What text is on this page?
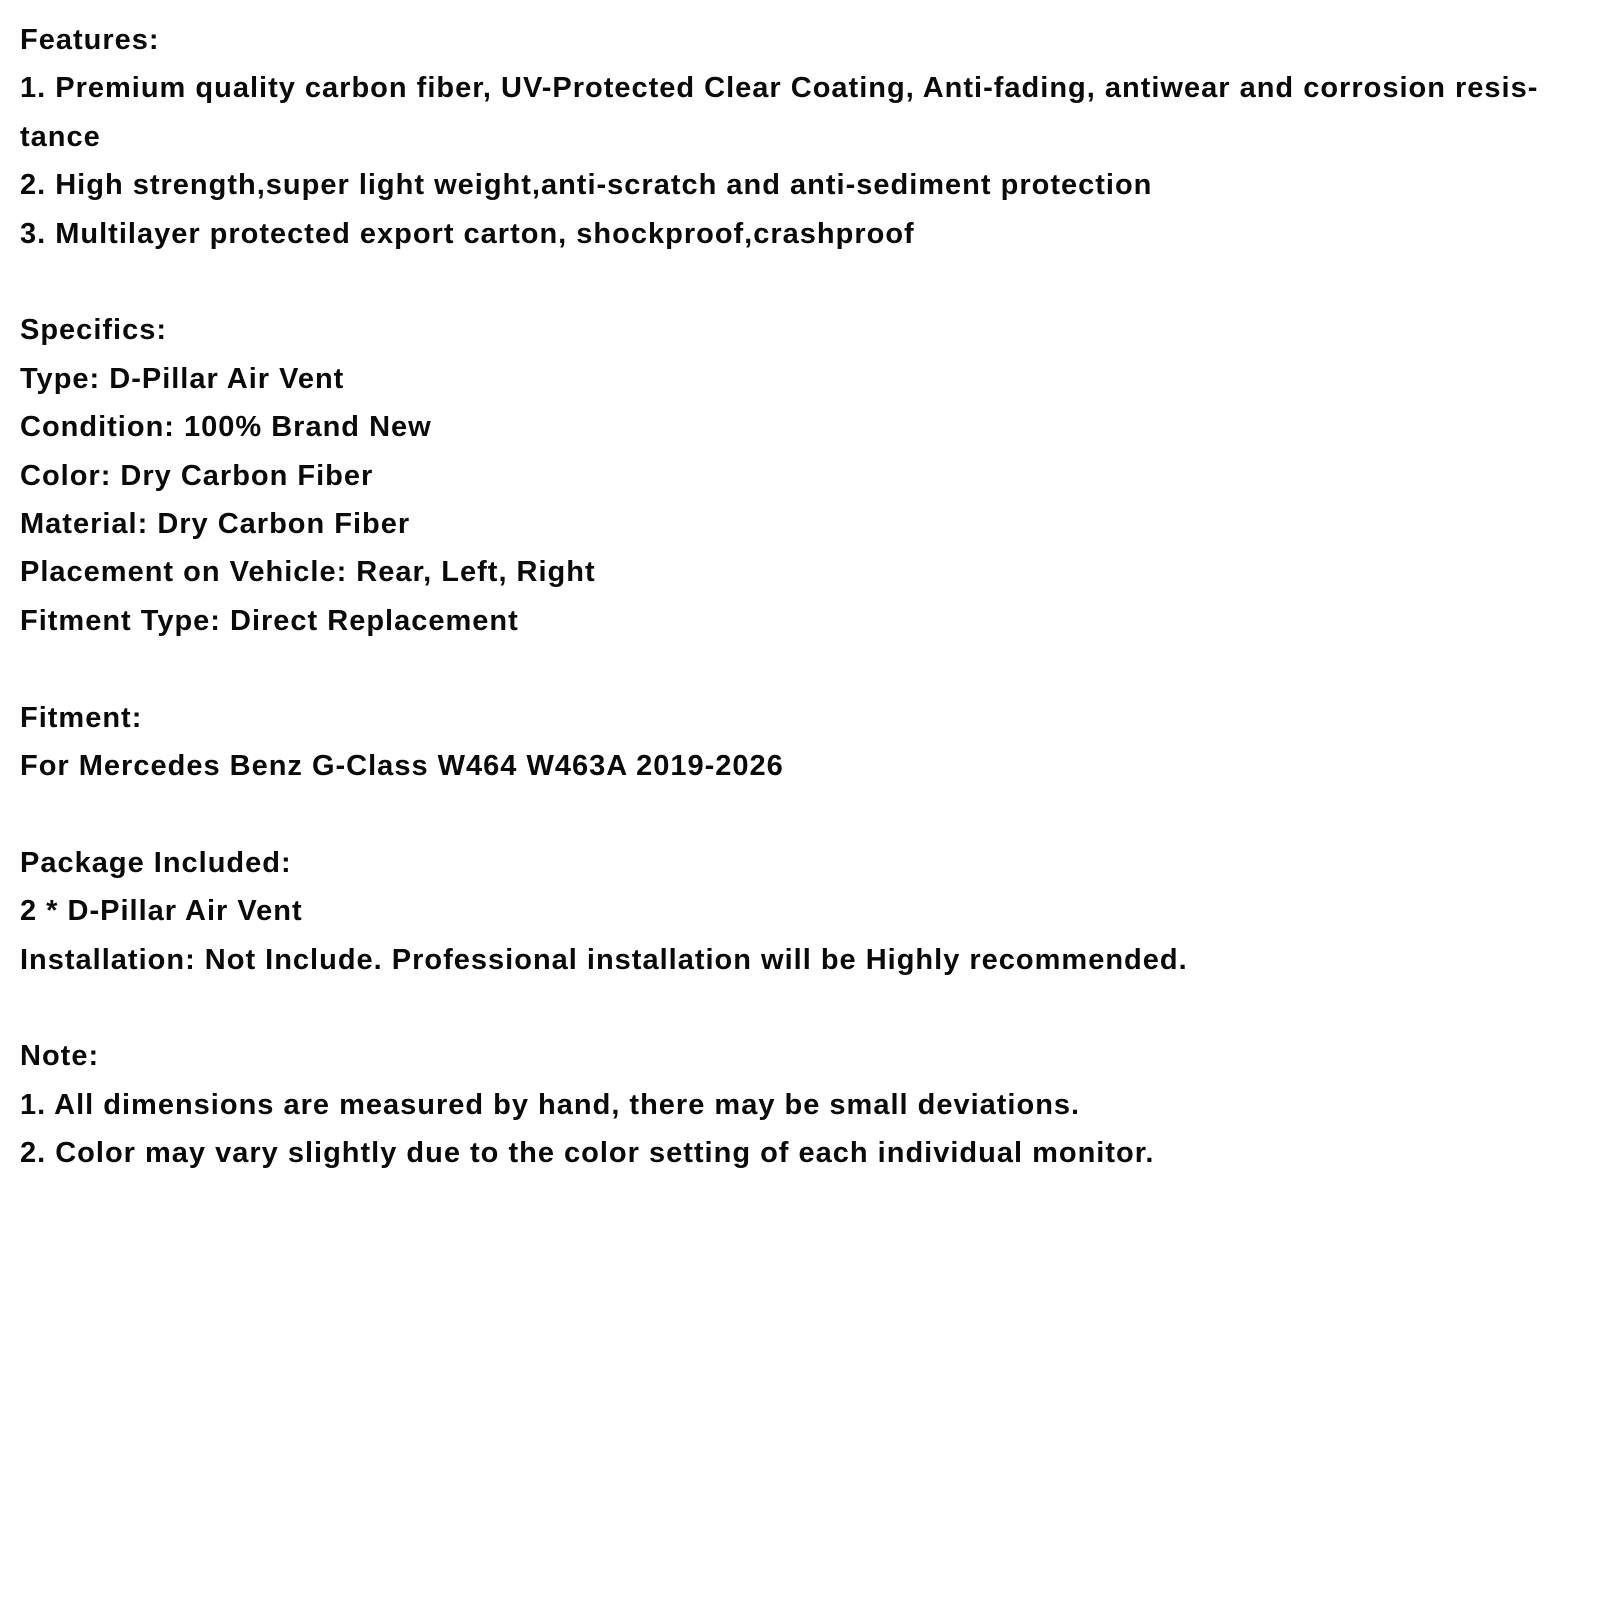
Features:
1. Premium quality carbon fiber, UV-Protected Clear Coating, Anti-fading, antiwear and corrosion resis-
tance
2. High strength,super light weight,anti-scratch and anti-sediment protection
3. Multilayer protected export carton, shockproof,crashproof
Specifics:
Type: D-Pillar Air Vent
Condition: 100% Brand New
Color: Dry Carbon Fiber
Material: Dry Carbon Fiber
Placement on Vehicle: Rear, Left, Right
Fitment Type: Direct Replacement
Fitment:
For Mercedes Benz G-Class W464 W463A 2019-2026
Package Included:
2 * D-Pillar Air Vent
Installation: Not Include. Professional installation will be Highly recommended.
Note:
1. All dimensions are measured by hand, there may be small deviations.
2. Color may vary slightly due to the color setting of each individual monitor.
